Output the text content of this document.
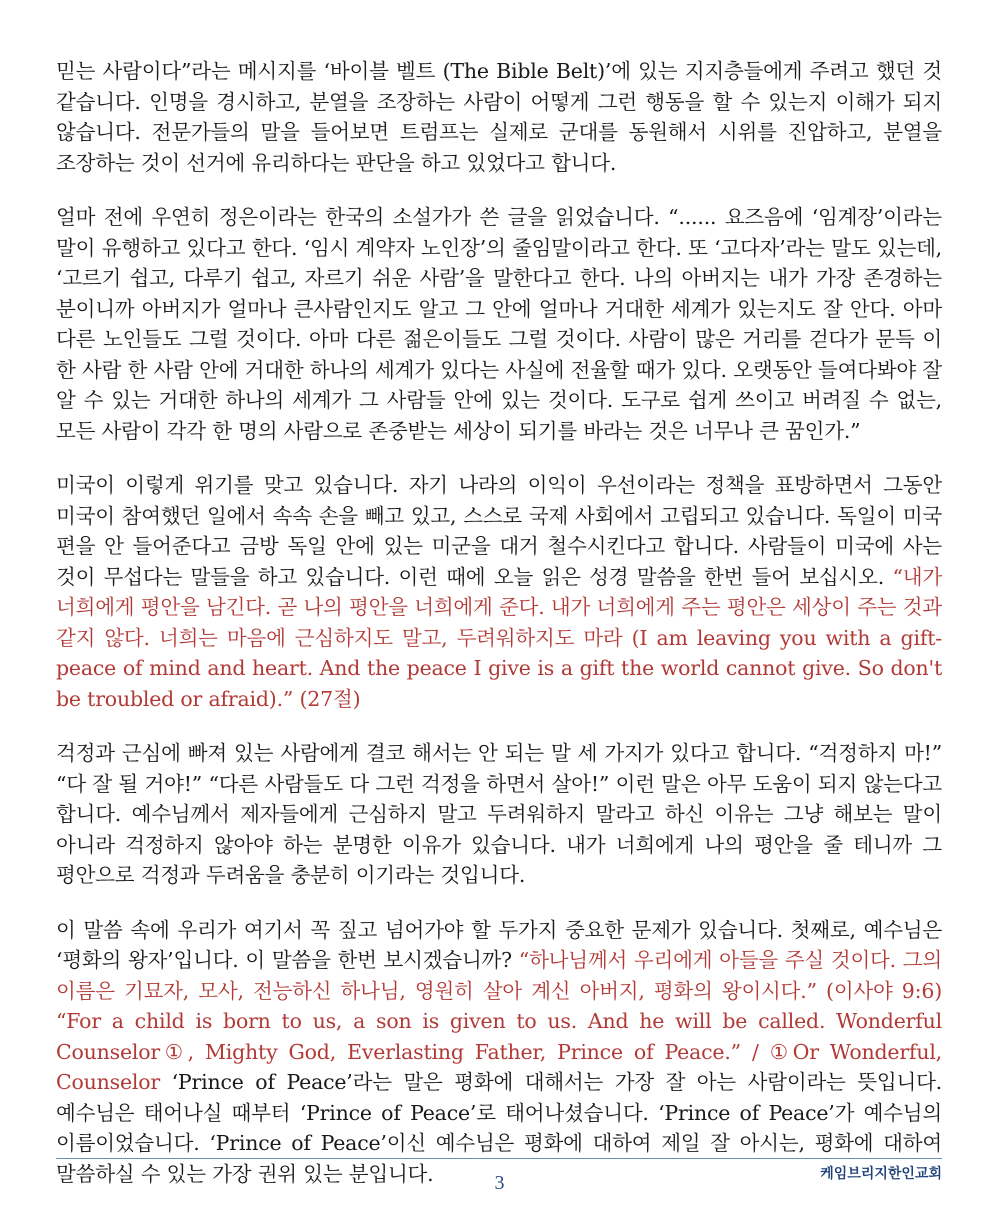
믿는 사람이다”라는 메시지를 ‘바이블 벨트 (The Bible Belt)’에 있는 지지층들에게 주려고 했던 것 같습니다. 인명을 경시하고, 분열을 조장하는 사람이 어떻게 그런 행동을 할 수 있는지 이해가 되지 않습니다. 전문가들의 말을 들어보면 트럼프는 실제로 군대를 동원해서 시위를 진압하고, 분열을 조장하는 것이 선거에 유리하다는 판단을 하고 있었다고 합니다.

얼마 전에 우연히 정은이라는 한국의 소설가가 쓴 글을 읽었습니다. “...... 요즈음에 ‘임계장’이라는 말이 유행하고 있다고 한다. ‘임시 계약자 노인장’의 줄임말이라고 한다. 또 ‘고다자’라는 말도 있는데, ‘고르기 쉽고, 다루기 쉽고, 자르기 쉬운 사람’을 말한다고 한다. 나의 아버지는 내가 가장 존경하는 분이니까 아버지가 얼마나 큰사람인지도 알고 그 안에 얼마나 거대한 세계가 있는지도 잘 안다. 아마 다른 노인들도 그럴 것이다. 아마 다른 젊은이들도 그럴 것이다. 사람이 많은 거리를 걷다가 문득 이 한 사람 한 사람 안에 거대한 하나의 세계가 있다는 사실에 전율할 때가 있다. 오랫동안 들여다봐야 잘 알 수 있는 거대한 하나의 세계가 그 사람들 안에 있는 것이다. 도구로 쉽게 쓰이고 버려질 수 없는, 모든 사람이 각각 한 명의 사람으로 존중받는 세상이 되기를 바라는 것은 너무나 큰 꿈인가.”

미국이 이렇게 위기를 맞고 있습니다. 자기 나라의 이익이 우선이라는 정책을 표방하면서 그동안 미국이 참여했던 일에서 속속 손을 빼고 있고, 스스로 국제 사회에서 고립되고 있습니다. 독일이 미국 편을 안 들어준다고 금방 독일 안에 있는 미군을 대거 철수시킨다고 합니다. 사람들이 미국에 사는 것이 무섭다는 말들을 하고 있습니다. 이런 때에 오늘 읽은 성경 말씀을 한번 들어 보십시오. “내가 너희에게 평안을 남긴다. 곧 나의 평안을 너희에게 준다. 내가 너희에게 주는 평안은 세상이 주는 것과 같지 않다. 너희는 마음에 근심하지도 말고, 두려워하지도 마라 (I am leaving you with a gift-peace of mind and heart. And the peace I give is a gift the world cannot give. So don't be troubled or afraid).” (27절)

걱정과 근심에 빠져 있는 사람에게 결코 해서는 안 되는 말 세 가지가 있다고 합니다. “걱정하지 마!” “다 잘 될 거야!” “다른 사람들도 다 그런 걱정을 하면서 살아!” 이런 말은 아무 도움이 되지 않는다고 합니다. 예수님께서 제자들에게 근심하지 말고 두려워하지 말라고 하신 이유는 그냥 해보는 말이 아니라 걱정하지 않아야 하는 분명한 이유가 있습니다. 내가 너희에게 나의 평안을 줄 테니까 그 평안으로 걱정과 두려움을 충분히 이기라는 것입니다.

이 말씀 속에 우리가 여기서 꼭 짚고 넘어가야 할 두가지 중요한 문제가 있습니다. 첫째로, 예수님은 ‘평화의 왕자’입니다. 이 말씀을 한번 보시겠습니까? “하나님께서 우리에게 아들을 주실 것이다. 그의 이름은 기묘자, 모사, 전능하신 하나님, 영원히 살아 계신 아버지, 평화의 왕이시다.” (이사야 9:6) “For a child is born to us, a son is given to us. And he will be called. Wonderful Counselor①, Mighty God, Everlasting Father, Prince of Peace.” / ①Or Wonderful, Counselor ‘Prince of Peace’라는 말은 평화에 대해서는 가장 잘 아는 사람이라는 뜻입니다. 예수님은 태어나실 때부터 ‘Prince of Peace’로 태어나셨습니다. ‘Prince of Peace’가 예수님의 이름이었습니다. ‘Prince of Peace’이신 예수님은 평화에 대하여 제일 잘 아시는, 평화에 대하여 말씀하실 수 있는 가장 권위 있는 분입니다.	케임브리지한인교회
3
